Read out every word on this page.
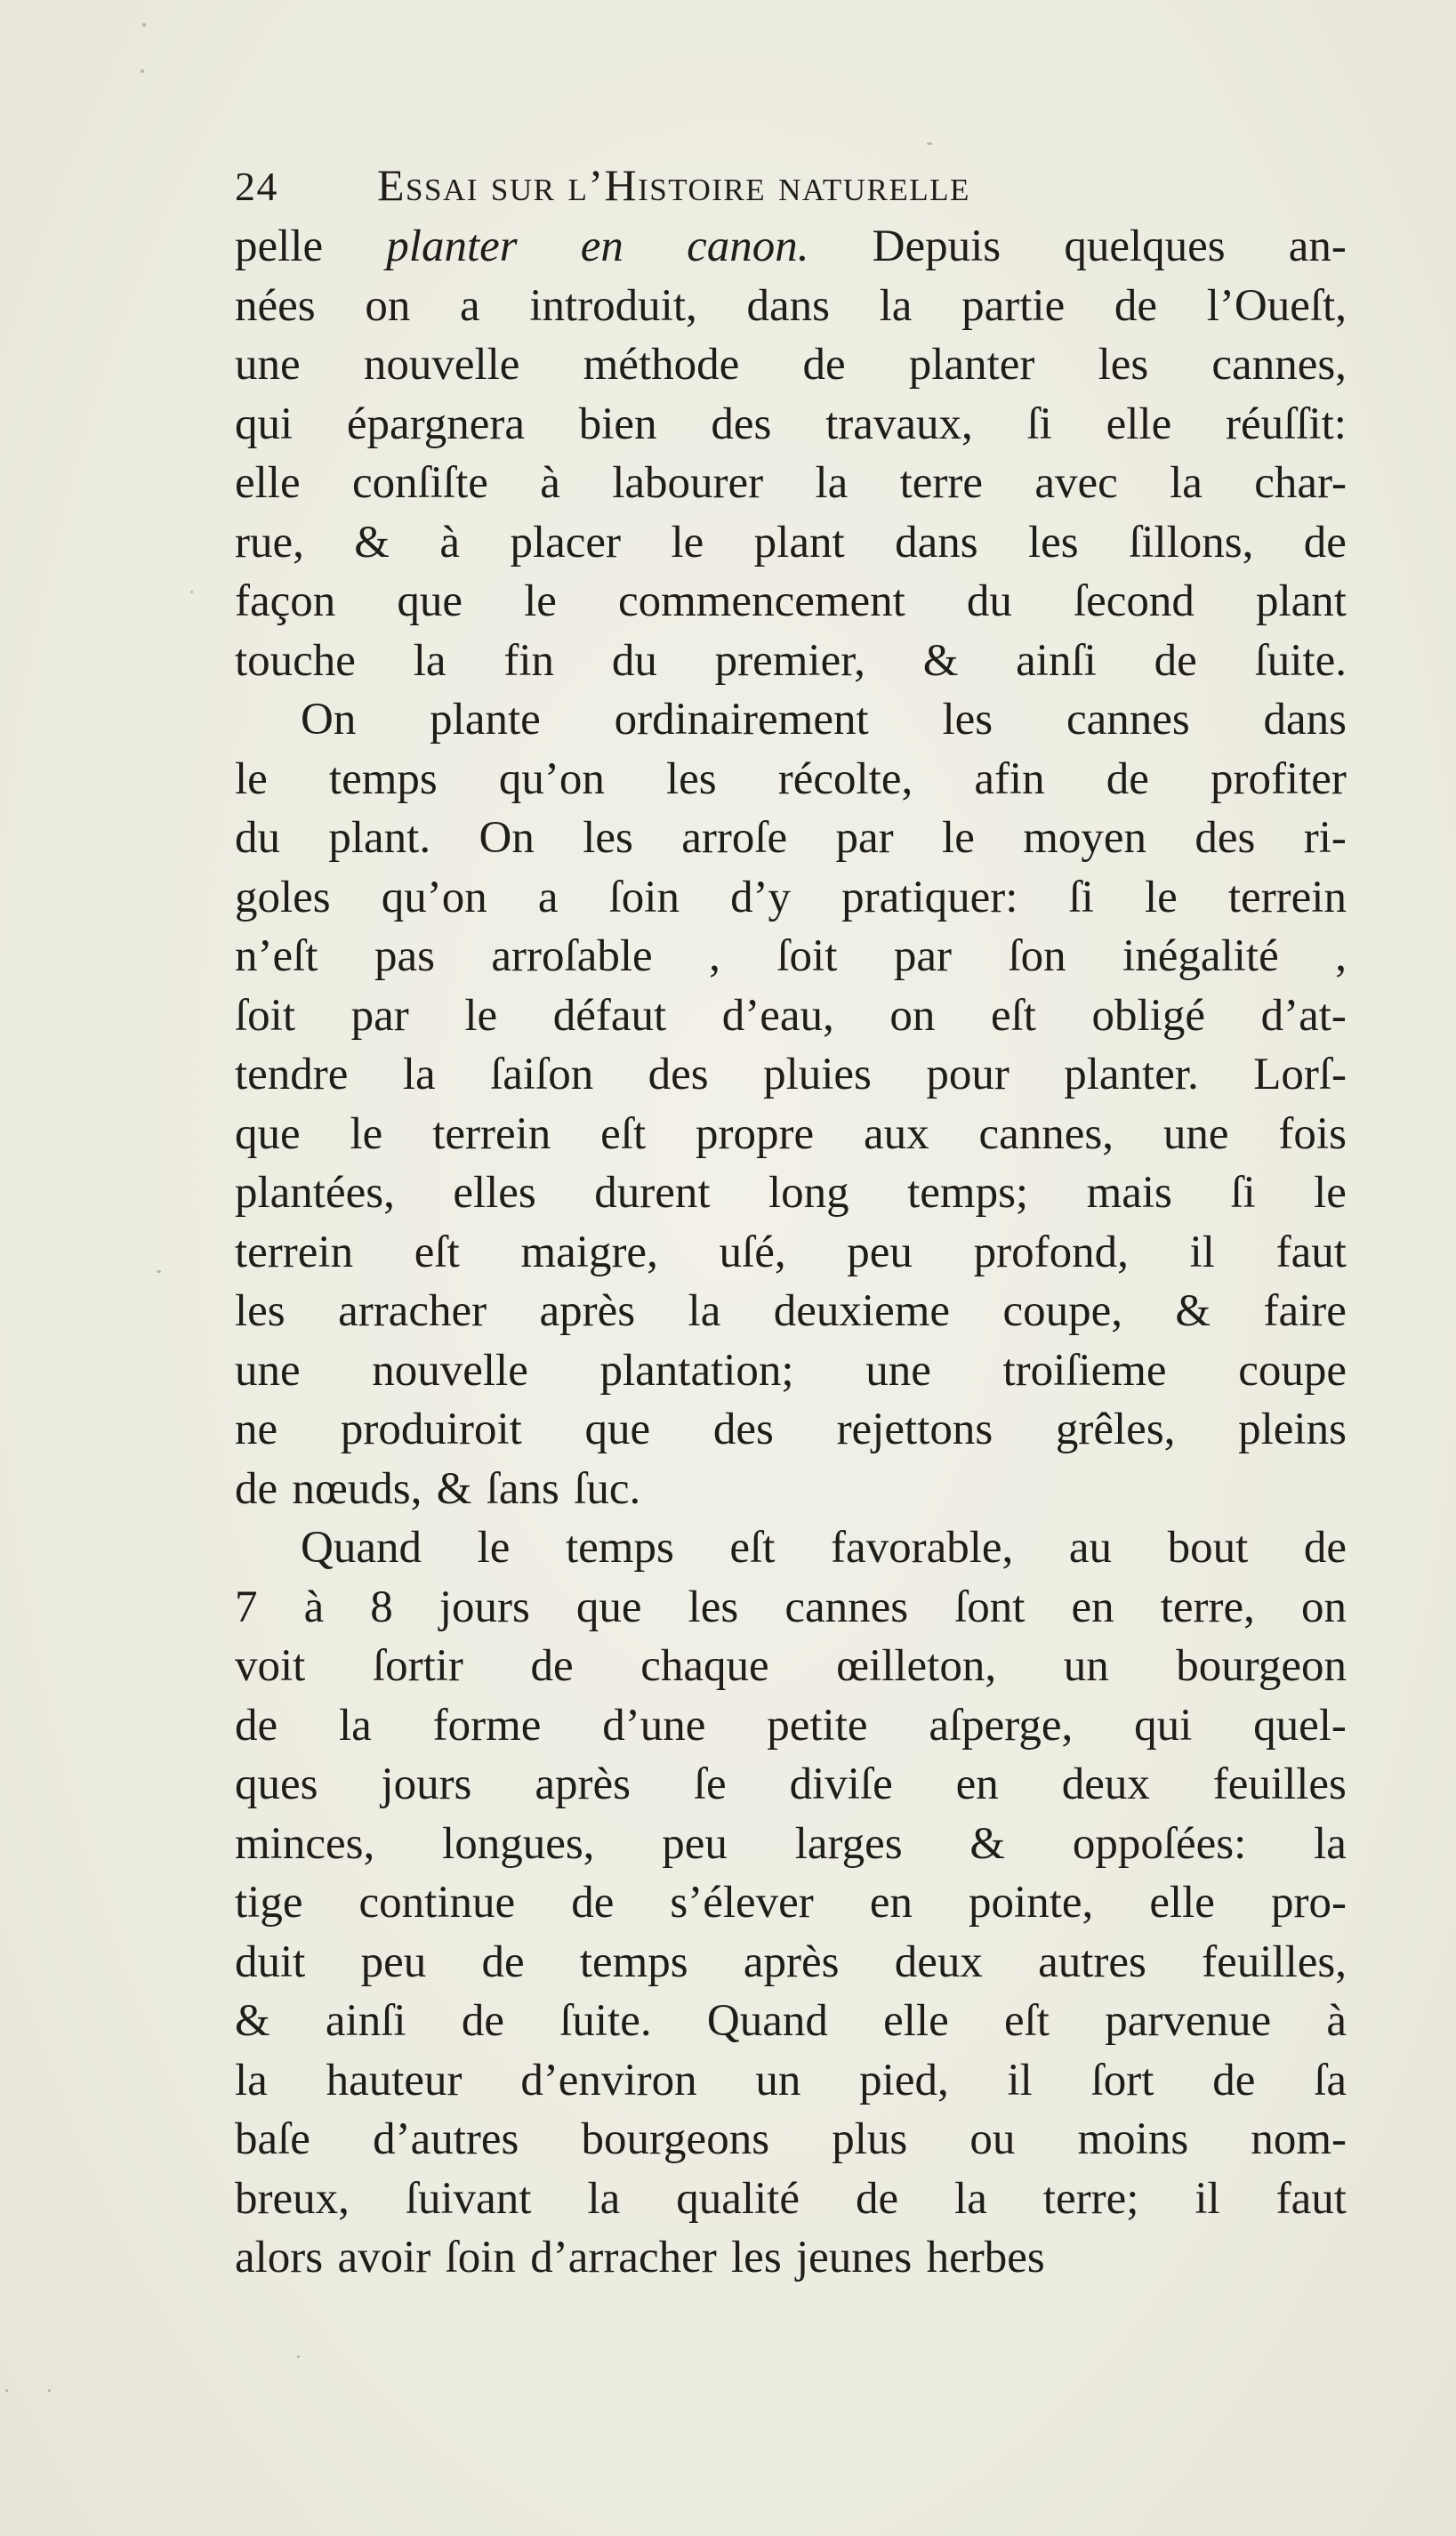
24 Essai sur l’Histoire naturelle
pelle planter en canon. Depuis quelques an-
nées on a introduit, dans la partie de l’Oueſt,
une nouvelle méthode de planter les cannes,
qui épargnera bien des travaux, ſi elle réuſſit:
elle conſiſte à labourer la terre avec la char-
rue, & à placer le plant dans les ſillons, de
façon que le commencement du ſecond plant
touche la fin du premier, & ainſi de ſuite.
On plante ordinairement les cannes dans
le temps qu’on les récolte, afin de profiter
du plant. On les arroſe par le moyen des ri-
goles qu’on a ſoin d’y pratiquer: ſi le terrein
n’eſt pas arroſable , ſoit par ſon inégalité ,
ſoit par le défaut d’eau, on eſt obligé d’at-
tendre la ſaiſon des pluies pour planter. Lorſ-
que le terrein eſt propre aux cannes, une fois
plantées, elles durent long temps; mais ſi le
terrein eſt maigre, uſé, peu profond, il faut
les arracher après la deuxieme coupe, & faire
une nouvelle plantation; une troiſieme coupe
ne produiroit que des rejettons grêles, pleins
de nœuds, & ſans ſuc.
Quand le temps eſt favorable, au bout de
7 à 8 jours que les cannes ſont en terre, on
voit ſortir de chaque œilleton, un bourgeon
de la forme d’une petite aſperge, qui quel-
ques jours après ſe diviſe en deux feuilles
minces, longues, peu larges & oppoſées: la
tige continue de s’élever en pointe, elle pro-
duit peu de temps après deux autres feuilles,
& ainſi de ſuite. Quand elle eſt parvenue à
la hauteur d’environ un pied, il ſort de ſa
baſe d’autres bourgeons plus ou moins nom-
breux, ſuivant la qualité de la terre; il faut
alors avoir ſoin d’arracher les jeunes herbes
